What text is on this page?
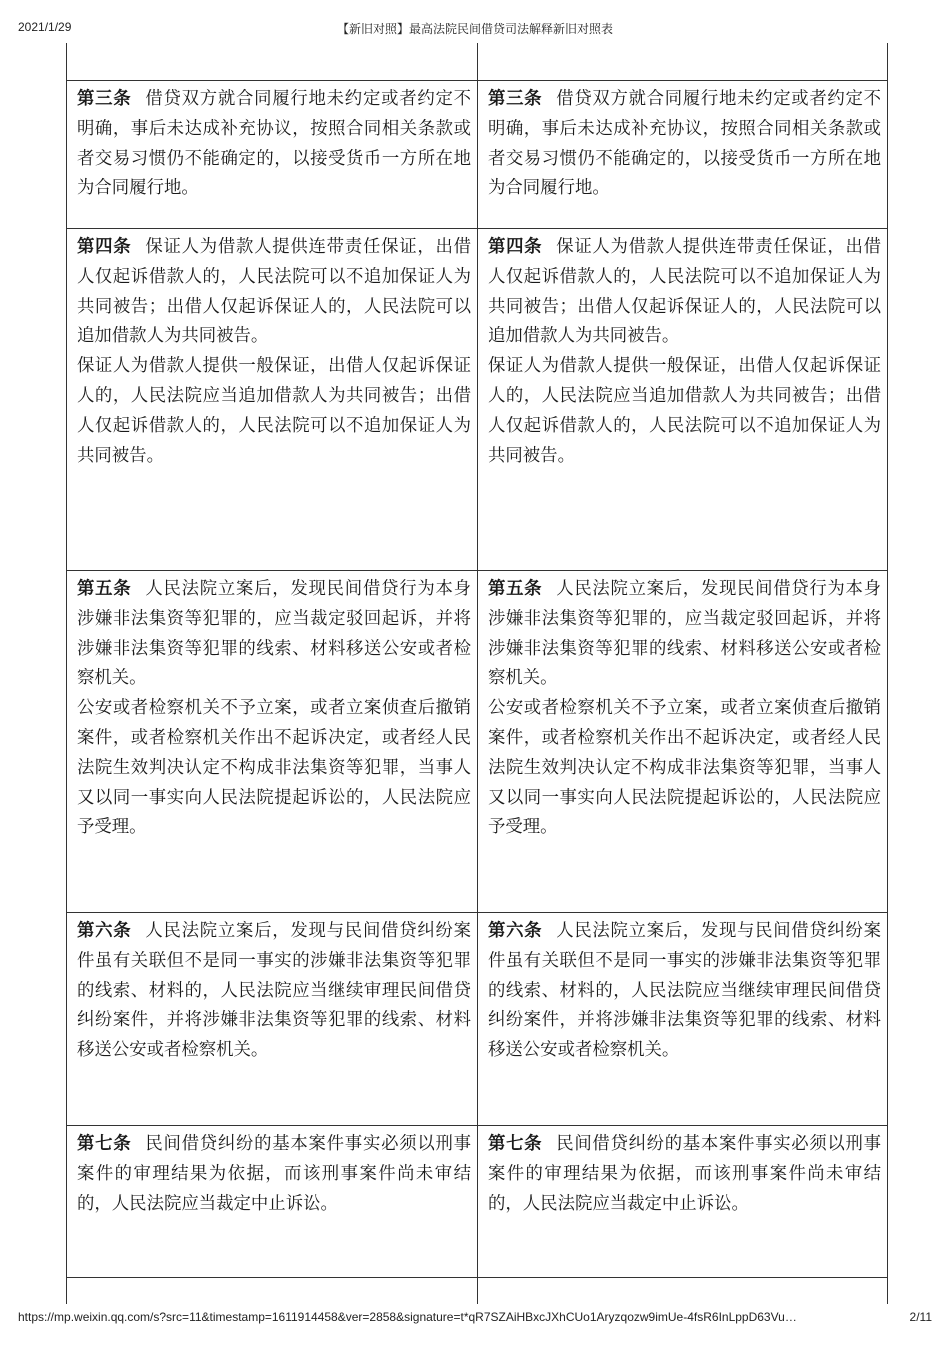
2021/1/29	【新旧对照】最高法院民间借贷司法解释新旧对照表

第三条 借贷双方就合同履行地未约定或者约定不明确，事后未达成补充协议，按照合同相关条款或者交易习惯仍不能确定的，以接受货币一方所在地为合同履行地。

第三条 借贷双方就合同履行地未约定或者约定不明确，事后未达成补充协议，按照合同相关条款或者交易习惯仍不能确定的，以接受货币一方所在地为合同履行地。

第四条 保证人为借款人提供连带责任保证，出借人仅起诉借款人的，人民法院可以不追加保证人为共同被告；出借人仅起诉保证人的，人民法院可以追加借款人为共同被告。

保证人为借款人提供一般保证，出借人仅起诉保证人的，人民法院应当追加借款人为共同被告；出借人仅起诉借款人的，人民法院可以不追加保证人为共同被告。

第四条 保证人为借款人提供连带责任保证，出借人仅起诉借款人的，人民法院可以不追加保证人为共同被告；出借人仅起诉保证人的，人民法院可以追加借款人为共同被告。

保证人为借款人提供一般保证，出借人仅起诉保证人的，人民法院应当追加借款人为共同被告；出借人仅起诉借款人的，人民法院可以不追加保证人为共同被告。

第五条 人民法院立案后，发现民间借贷行为本身涉嫌非法集资等犯罪的，应当裁定驳回起诉，并将涉嫌非法集资等犯罪的线索、材料移送公安或者检察机关。

公安或者检察机关不予立案，或者立案侦查后撤销案件，或者检察机关作出不起诉决定，或者经人民法院生效判决认定不构成非法集资等犯罪，当事人又以同一事实向人民法院提起诉讼的，人民法院应予受理。

第五条 人民法院立案后，发现民间借贷行为本身涉嫌非法集资等犯罪的，应当裁定驳回起诉，并将涉嫌非法集资等犯罪的线索、材料移送公安或者检察机关。

公安或者检察机关不予立案，或者立案侦查后撤销案件，或者检察机关作出不起诉决定，或者经人民法院生效判决认定不构成非法集资等犯罪，当事人又以同一事实向人民法院提起诉讼的，人民法院应予受理。

第六条 人民法院立案后，发现与民间借贷纠纷案件虽有关联但不是同一事实的涉嫌非法集资等犯罪的线索、材料的，人民法院应当继续审理民间借贷纠纷案件，并将涉嫌非法集资等犯罪的线索、材料移送公安或者检察机关。

第六条 人民法院立案后，发现与民间借贷纠纷案件虽有关联但不是同一事实的涉嫌非法集资等犯罪的线索、材料的，人民法院应当继续审理民间借贷纠纷案件，并将涉嫌非法集资等犯罪的线索、材料移送公安或者检察机关。

第七条 民间借贷纠纷的基本案件事实必须以刑事案件的审理结果为依据，而该刑事案件尚未审结的，人民法院应当裁定中止诉讼。

第七条 民间借贷纠纷的基本案件事实必须以刑事案件的审理结果为依据，而该刑事案件尚未审结的，人民法院应当裁定中止诉讼。

https://mp.weixin.qq.com/s?src=11&timestamp=1611914458&ver=2858&signature=t*qR7SZAiHBxcJXhCUo1Aryzqozw9imUe-4fsR6InLppD63Vu…	2/11
